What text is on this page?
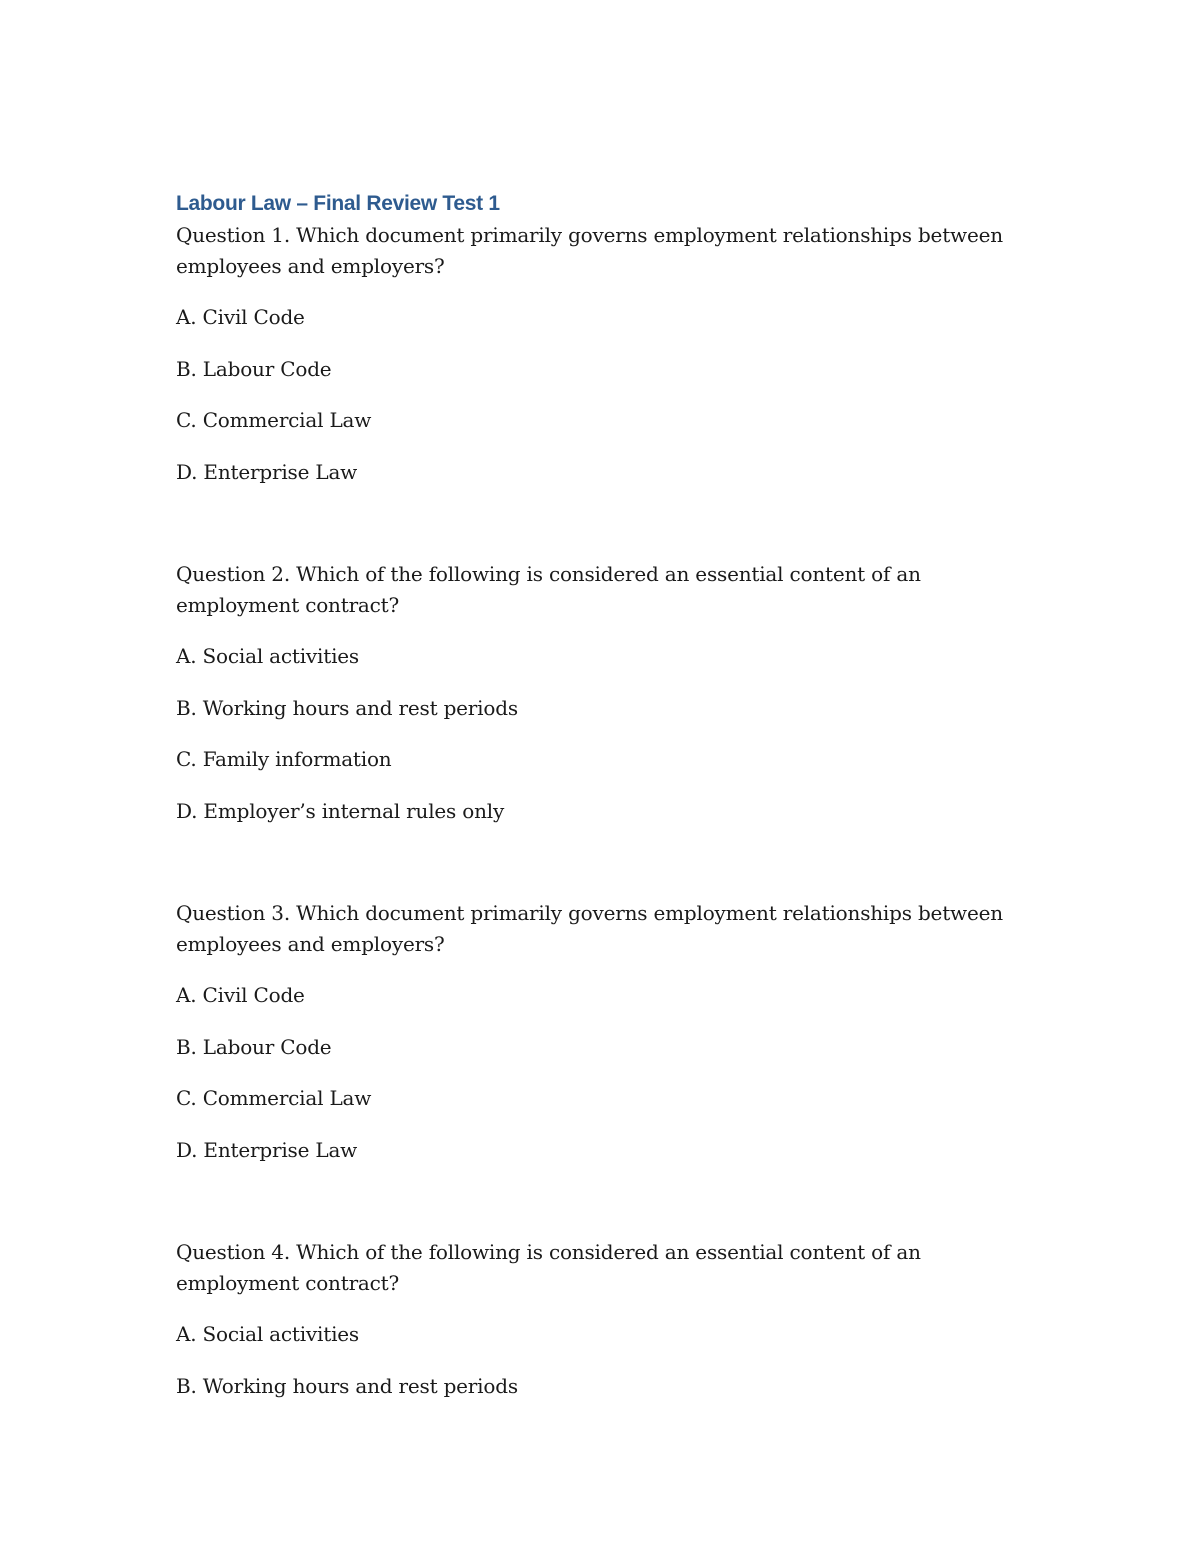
Labour Law – Final Review Test 1

Question 1. Which document primarily governs employment relationships between employees and employers?

A. Civil Code

B. Labour Code

C. Commercial Law

D. Enterprise Law

Question 2. Which of the following is considered an essential content of an employment contract?

A. Social activities

B. Working hours and rest periods

C. Family information

D. Employer’s internal rules only

Question 3. Which document primarily governs employment relationships between employees and employers?

A. Civil Code

B. Labour Code

C. Commercial Law

D. Enterprise Law

Question 4. Which of the following is considered an essential content of an employment contract?

A. Social activities

B. Working hours and rest periods
